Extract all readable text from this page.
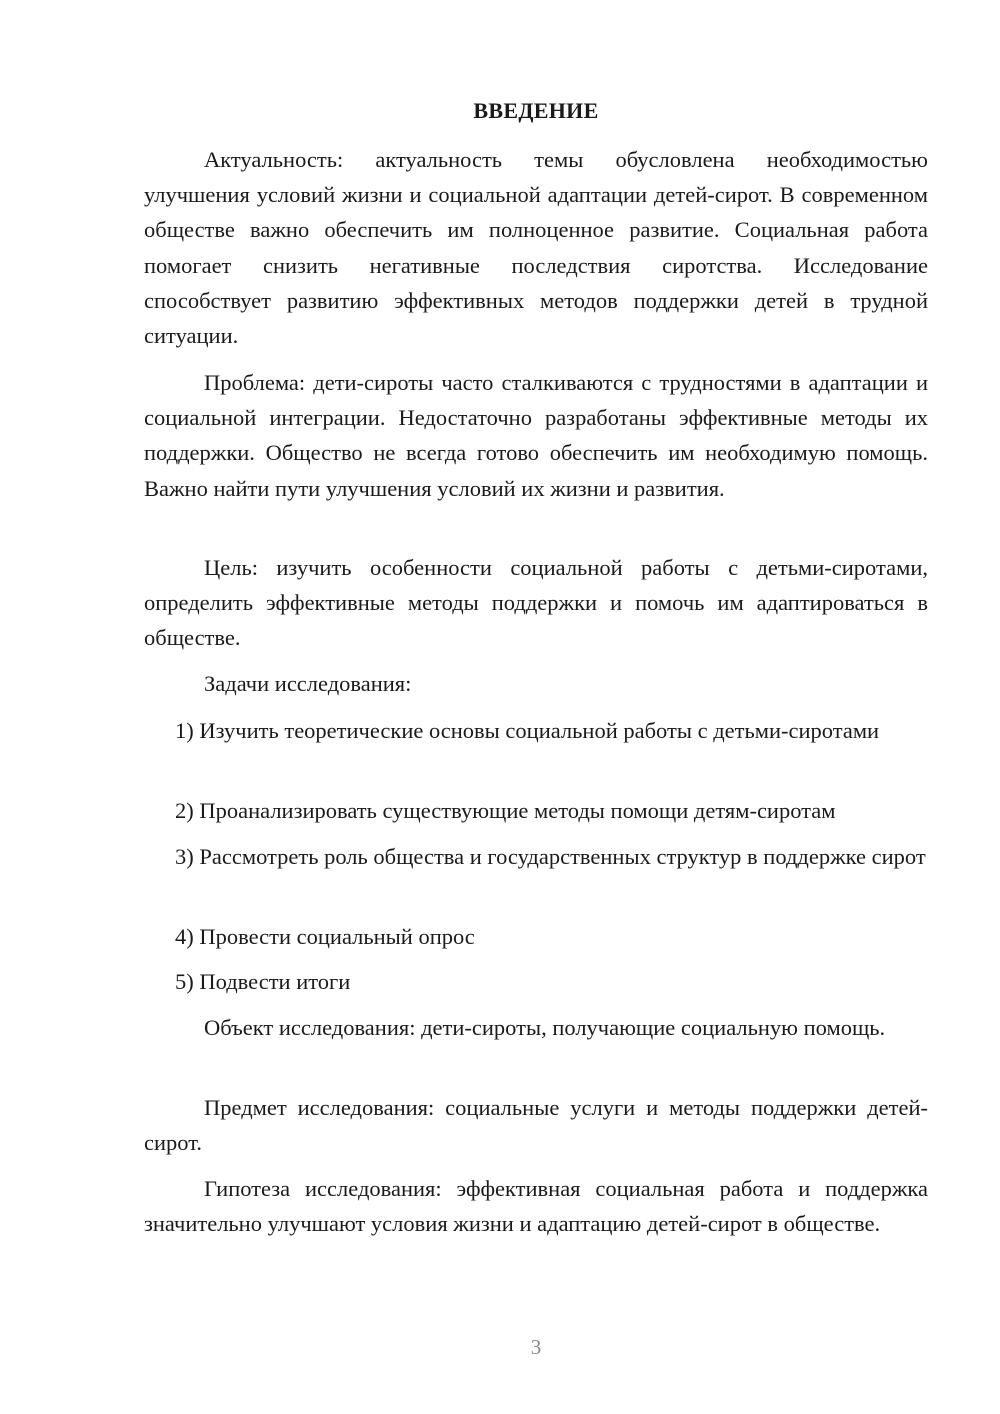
ВВЕДЕНИЕ

Актуальность: актуальность темы обусловлена необходимостью улучшения условий жизни и социальной адаптации детей-сирот. В современном обществе важно обеспечить им полноценное развитие. Социальная работа помогает снизить негативные последствия сиротства. Исследование способствует развитию эффективных методов поддержки детей в трудной ситуации.

Проблема: дети-сироты часто сталкиваются с трудностями в адаптации и социальной интеграции. Недостаточно разработаны эффективные методы их поддержки. Общество не всегда готово обеспечить им необходимую помощь. Важно найти пути улучшения условий их жизни и развития.

Цель: изучить особенности социальной работы с детьми-сиротами, определить эффективные методы поддержки и помочь им адаптироваться в обществе.

Задачи исследования:

1) Изучить теоретические основы социальной работы с детьми-сиротами

2) Проанализировать существующие методы помощи детям-сиротам

3) Рассмотреть роль общества и государственных структур в поддержке сирот

4) Провести социальный опрос

5) Подвести итоги

Объект исследования: дети-сироты, получающие социальную помощь.

Предмет исследования: социальные услуги и методы поддержки детей-сирот.

Гипотеза исследования: эффективная социальная работа и поддержка значительно улучшают условия жизни и адаптацию детей-сирот в обществе.

3
